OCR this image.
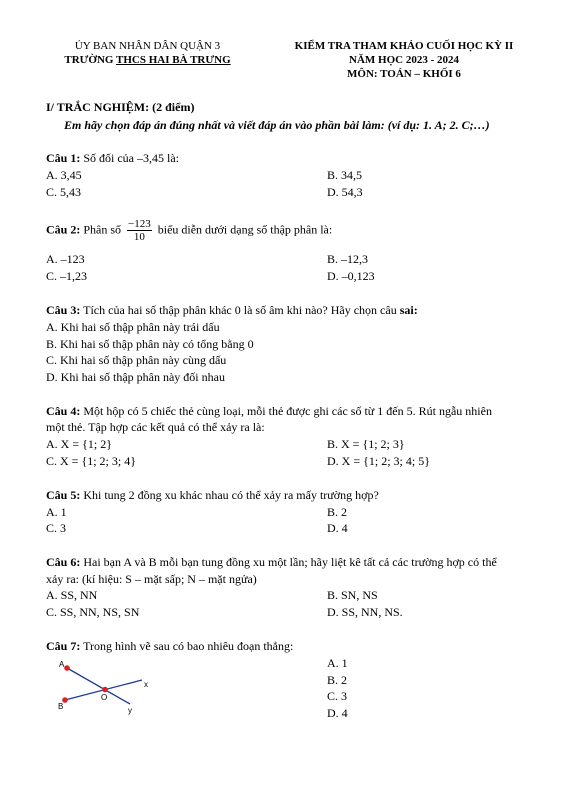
ỦY BAN NHÂN DÂN QUẬN 3
TRƯỜNG THCS HAI BÀ TRƯNG
KIỂM TRA THAM KHẢO CUỐI HỌC KỲ II
NĂM HỌC 2023 - 2024
MÔN: TOÁN – KHỐI 6
I/ TRẮC NGHIỆM: (2 điểm)
Em hãy chọn đáp án đúng nhất và viết đáp án vào phần bài làm: (ví dụ: 1. A; 2. C;…)
Câu 1: Số đối của –3,45 là:
A. 3,45	B. 34,5
C. 5,43	D. 54,3
Câu 2: Phân số $\frac{-123}{10}$ biểu diễn dưới dạng số thập phân là:
A. –123	B. –12,3
C. –1,23	D. –0,123
Câu 3: Tích của hai số thập phân khác 0 là số âm khi nào? Hãy chọn câu sai:
A. Khi hai số thập phân này trái dấu
B. Khi hai số thập phân này có tổng bằng 0
C. Khi hai số thập phân này cùng dấu
D. Khi hai số thập phân này đối nhau
Câu 4: Một hộp có 5 chiếc thẻ cùng loại, mỗi thẻ được ghi các số từ 1 đến 5. Rút ngẫu nhiên
một thẻ. Tập hợp các kết quả có thể xảy ra là:
A. X = {1; 2}	B. X = {1; 2; 3}
C. X = {1; 2; 3; 4}	D. X = {1; 2; 3; 4; 5}
Câu 5: Khi tung 2 đồng xu khác nhau có thể xảy ra mấy trường hợp?
A. 1	B. 2
C. 3	D. 4
Câu 6: Hai bạn A và B mỗi bạn tung đồng xu một lần; hãy liệt kê tất cả các trường hợp có thể
xảy ra: (kí hiệu: S – mặt sấp; N – mặt ngửa)
A. SS, NN	B. SN, NS
C. SS, NN, NS, SN	D. SS, NN, NS.
Câu 7: Trong hình vẽ sau có bao nhiêu đoạn thẳng:
A. 1
B. 2
C. 3
D. 4
A
B
O
x
y
